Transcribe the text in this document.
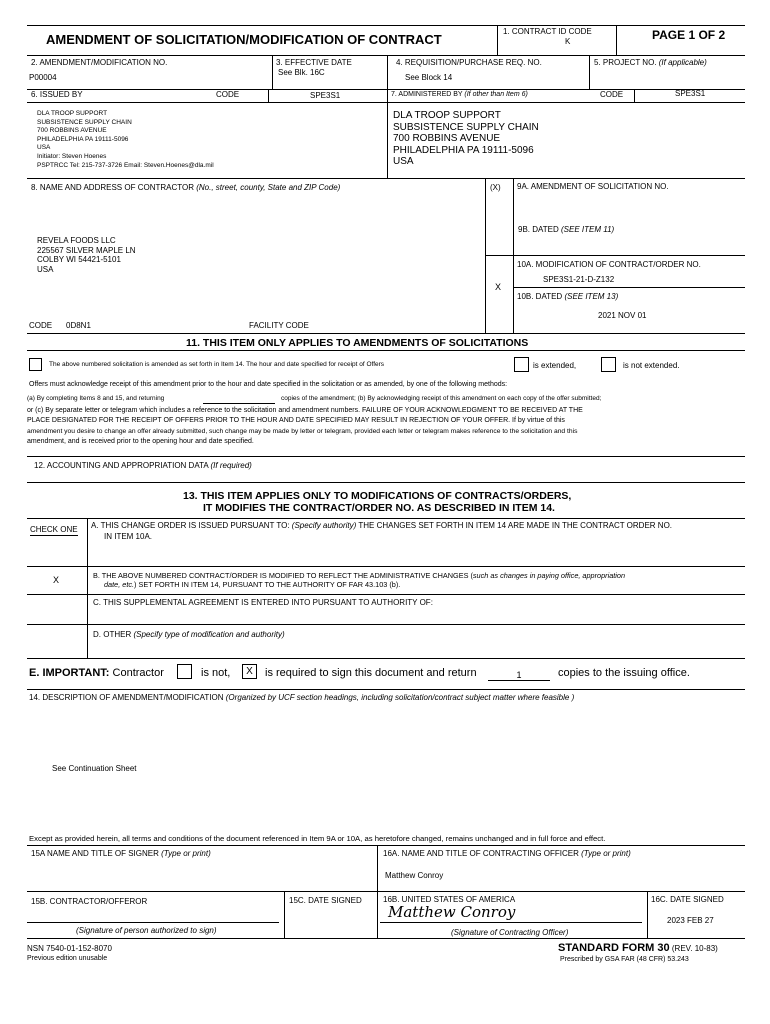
AMENDMENT OF SOLICITATION/MODIFICATION OF CONTRACT
1. CONTRACT ID CODE
K	PAGE 1 OF 2
2. AMENDMENT/MODIFICATION NO.
P00004
3. EFFECTIVE DATE
See Blk. 16C
4. REQUISITION/PURCHASE REQ. NO.
See Block 14
5. PROJECT NO. (If applicable)
6. ISSUED BY	CODE	SPE3S1	7. ADMINISTERED BY (If other than Item 6)	CODE	SPE3S1
DLA TROOP SUPPORT
SUBSISTENCE SUPPLY CHAIN
700 ROBBINS AVENUE
PHILADELPHIA PA 19111-5096
USA
Initiator: Steven Hoenes
PSPTRCC Tel: 215-737-3726 Email: Steven.Hoenes@dla.mil
DLA TROOP SUPPORT
SUBSISTENCE SUPPLY CHAIN
700 ROBBINS AVENUE
PHILADELPHIA PA 19111-5096
USA
8. NAME AND ADDRESS OF CONTRACTOR (No., street, county, State and ZIP Code)	(X) 9A. AMENDMENT OF SOLICITATION NO.
9B. DATED (SEE ITEM 11)
REVELA FOODS LLC
225567 SILVER MAPLE LN
COLBY WI 54421-5101
USA
10A. MODIFICATION OF CONTRACT/ORDER NO.
SPE3S1-21-D-Z132
X
10B. DATED (SEE ITEM 13)
2021 NOV 01
CODE 0D8N1	FACILITY CODE
11. THIS ITEM ONLY APPLIES TO AMENDMENTS OF SOLICITATIONS
The above numbered solicitation is amended as set forth in Item 14. The hour and date specified for receipt of Offers	is extended,	is not extended.
Offers must acknowledge receipt of this amendment prior to the hour and date specified in the solicitation or as amended, by one of the following methods:
(a) By completing Items 8 and 15, and returning	copies of the amendment; (b) By acknowledging receipt of this amendment on each copy of the offer submitted;
or (c) By separate letter or telegram which includes a reference to the solicitation and amendment numbers. FAILURE OF YOUR ACKNOWLEDGMENT TO BE RECEIVED AT THE
PLACE DESIGNATED FOR THE RECEIPT OF OFFERS PRIOR TO THE HOUR AND DATE SPECIFIED MAY RESULT IN REJECTION OF YOUR OFFER. If by virtue of this
amendment you desire to change an offer already submitted, such change may be made by letter or telegram, provided each letter or telegram makes reference to the solicitation and this
amendment, and is received prior to the opening hour and date specified.
12. ACCOUNTING AND APPROPRIATION DATA (If required)
13. THIS ITEM APPLIES ONLY TO MODIFICATIONS OF CONTRACTS/ORDERS,
IT MODIFIES THE CONTRACT/ORDER NO. AS DESCRIBED IN ITEM 14.
CHECK ONE A. THIS CHANGE ORDER IS ISSUED PURSUANT TO: (Specify authority) THE CHANGES SET FORTH IN ITEM 14 ARE MADE IN THE CONTRACT ORDER NO.
IN ITEM 10A.
X	B. THE ABOVE NUMBERED CONTRACT/ORDER IS MODIFIED TO REFLECT THE ADMINISTRATIVE CHANGES (such as changes in paying office, appropriation
date, etc.) SET FORTH IN ITEM 14, PURSUANT TO THE AUTHORITY OF FAR 43.103 (b).
C. THIS SUPPLEMENTAL AGREEMENT IS ENTERED INTO PURSUANT TO AUTHORITY OF:
D. OTHER (Specify type of modification and authority)
E. IMPORTANT: Contractor	is not,	X	is required to sign this document and return	1	copies to the issuing office.
14. DESCRIPTION OF AMENDMENT/MODIFICATION (Organized by UCF section headings, including solicitation/contract subject matter where feasible )
See Continuation Sheet
Except as provided herein, all terms and conditions of the document referenced in Item 9A or 10A, as heretofore changed, remains unchanged and in full force and effect.
15A NAME AND TITLE OF SIGNER (Type or print)	16A. NAME AND TITLE OF CONTRACTING OFFICER (Type or print)
Matthew Conroy
15B. CONTRACTOR/OFFEROR	15C. DATE SIGNED	16B. UNITED STATES OF AMERICA
Matthew Conroy
16C. DATE SIGNED
2023 FEB 27
(Signature of person authorized to sign)	(Signature of Contracting Officer)
NSN 7540-01-152-8070
Previous edition unusable
STANDARD FORM 30 (REV. 10-83)
Prescribed by GSA FAR (48 CFR) 53.243
